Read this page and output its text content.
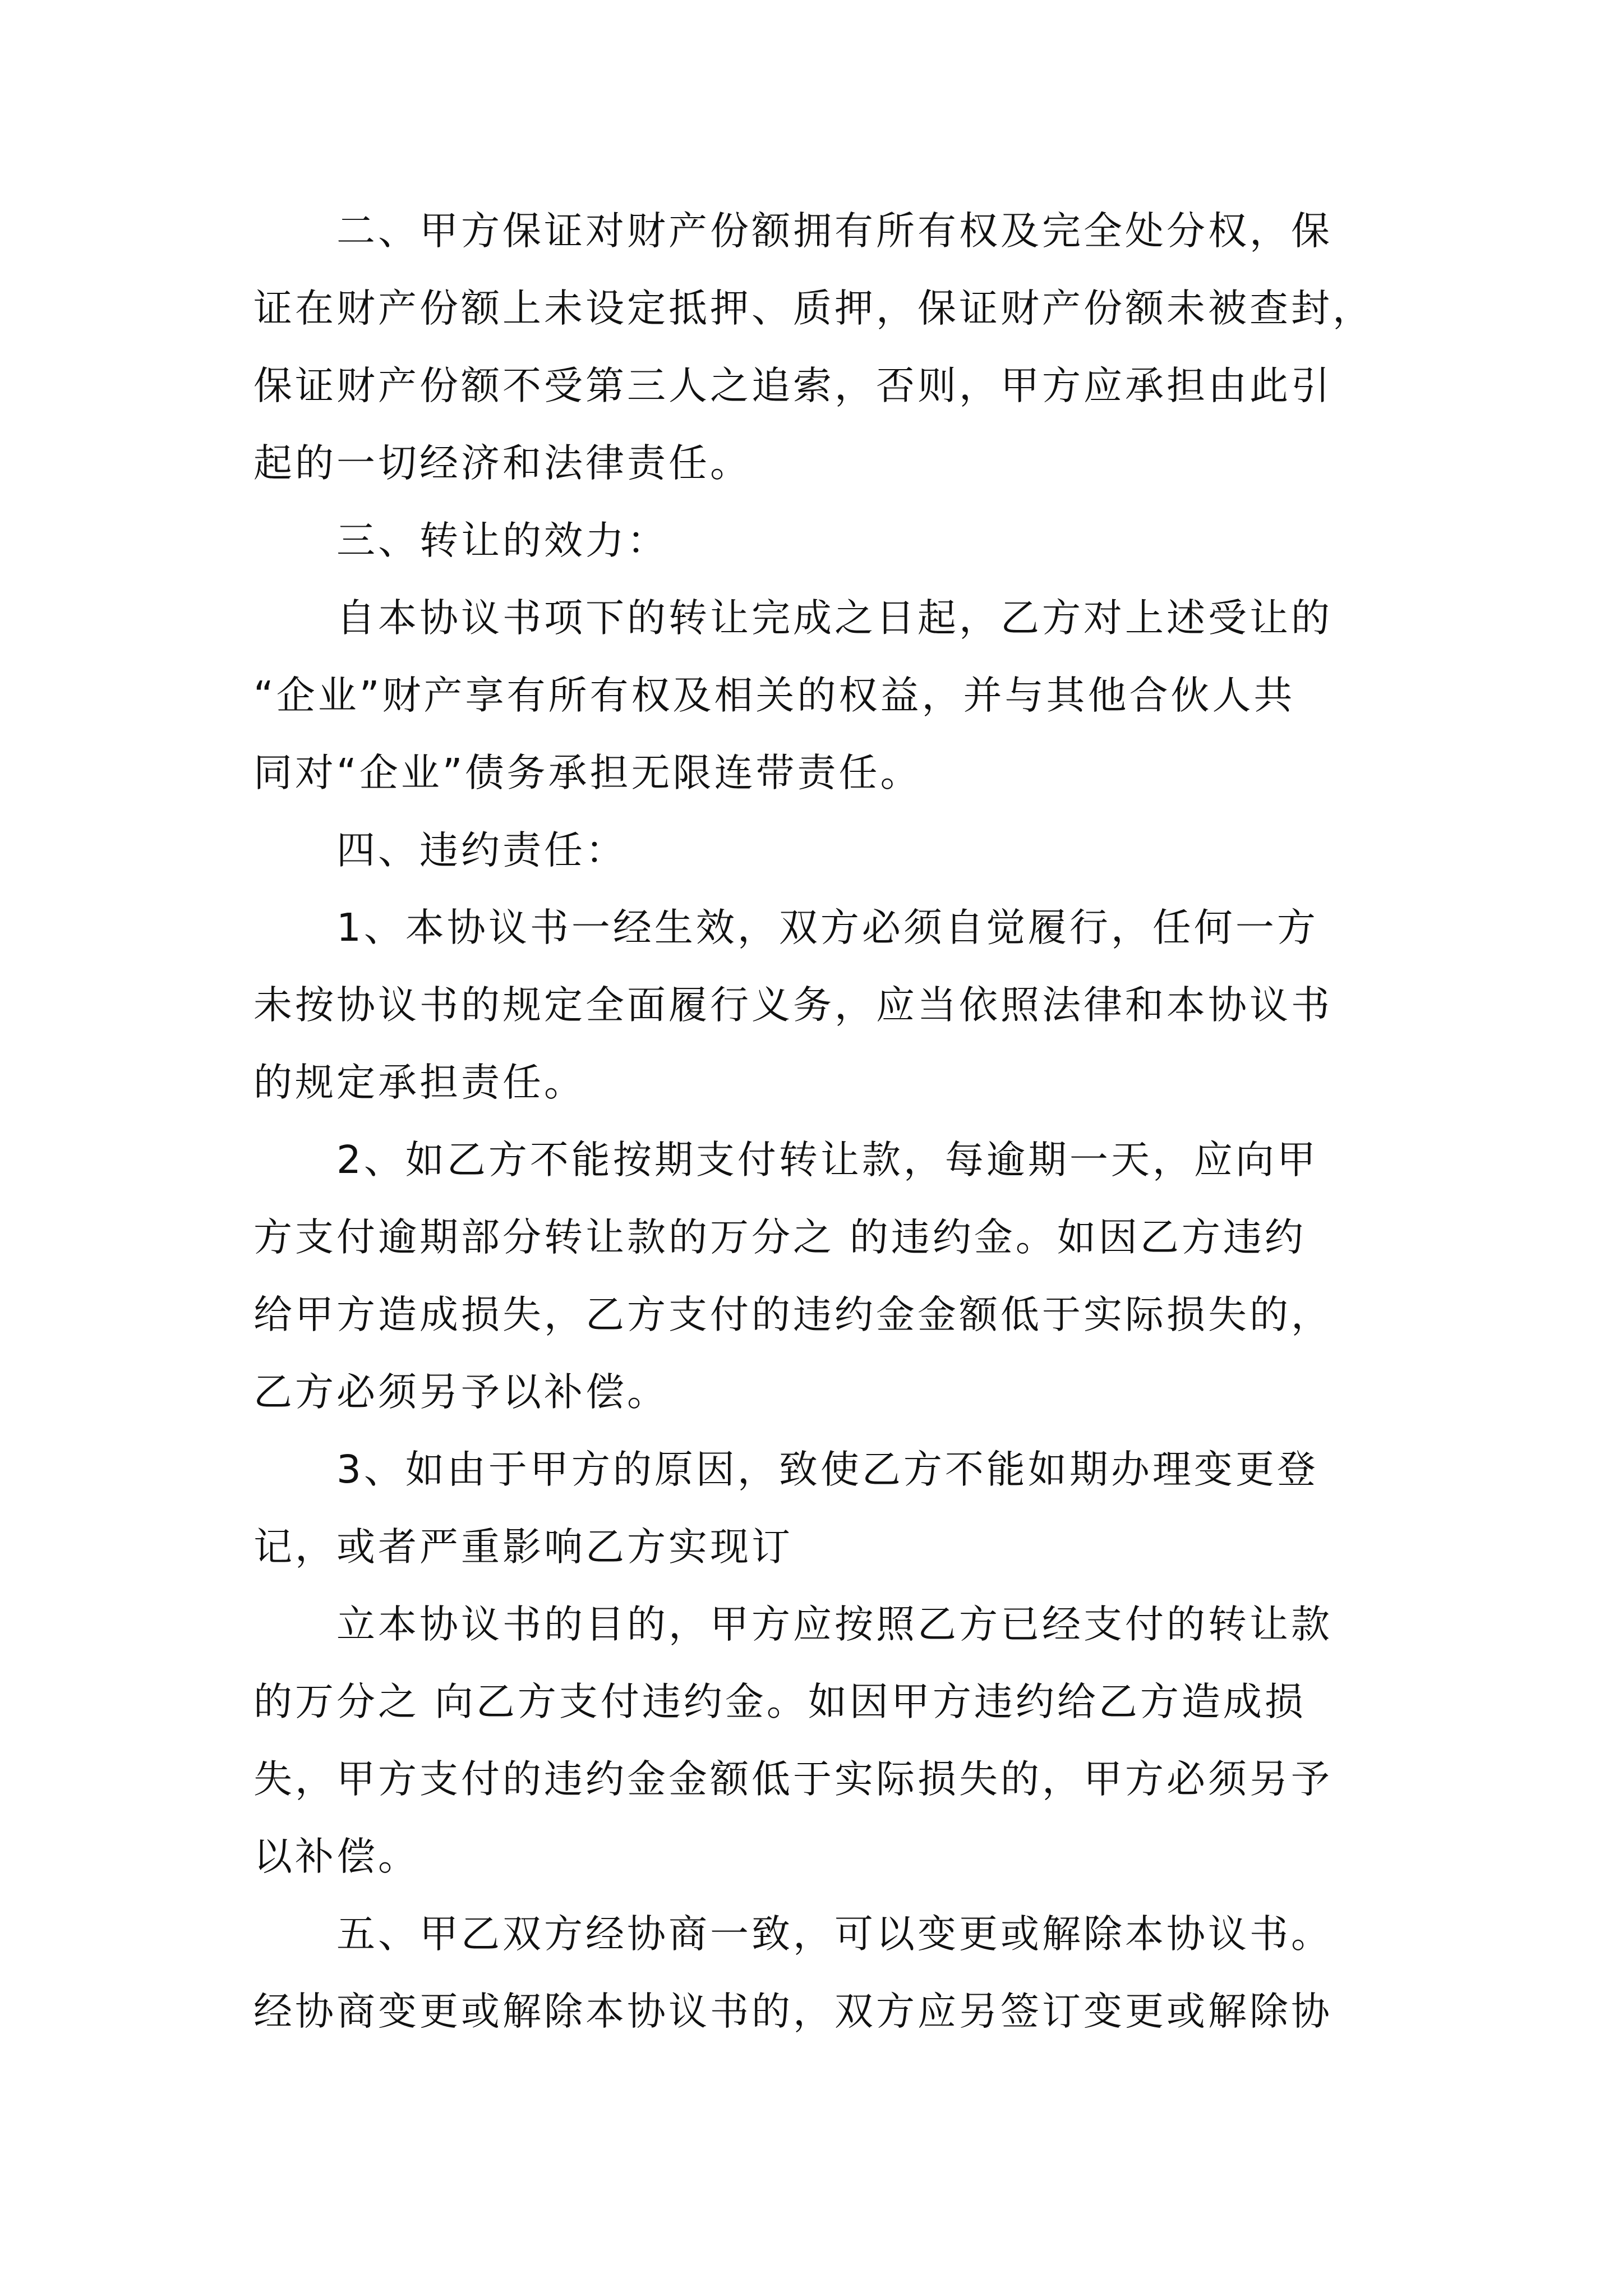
二、甲方保证对财产份额拥有所有权及完全处分权，保
证在财产份额上未设定抵押、质押，保证财产份额未被查封，
保证财产份额不受第三人之追索，否则，甲方应承担由此引
起的一切经济和法律责任。
三、转让的效力：
自本协议书项下的转让完成之日起，乙方对上述受让的
“企业”财产享有所有权及相关的权益，并与其他合伙人共
同对“企业”债务承担无限连带责任。
四、违约责任：
1、本协议书一经生效，双方必须自觉履行，任何一方
未按协议书的规定全面履行义务，应当依照法律和本协议书
的规定承担责任。
2、如乙方不能按期支付转让款，每逾期一天，应向甲
方支付逾期部分转让款的万分之 的违约金。如因乙方违约
给甲方造成损失，乙方支付的违约金金额低于实际损失的，
乙方必须另予以补偿。
3、如由于甲方的原因，致使乙方不能如期办理变更登
记，或者严重影响乙方实现订
立本协议书的目的，甲方应按照乙方已经支付的转让款
的万分之 向乙方支付违约金。如因甲方违约给乙方造成损
失，甲方支付的违约金金额低于实际损失的，甲方必须另予
以补偿。
五、甲乙双方经协商一致，可以变更或解除本协议书。
经协商变更或解除本协议书的，双方应另签订变更或解除协
